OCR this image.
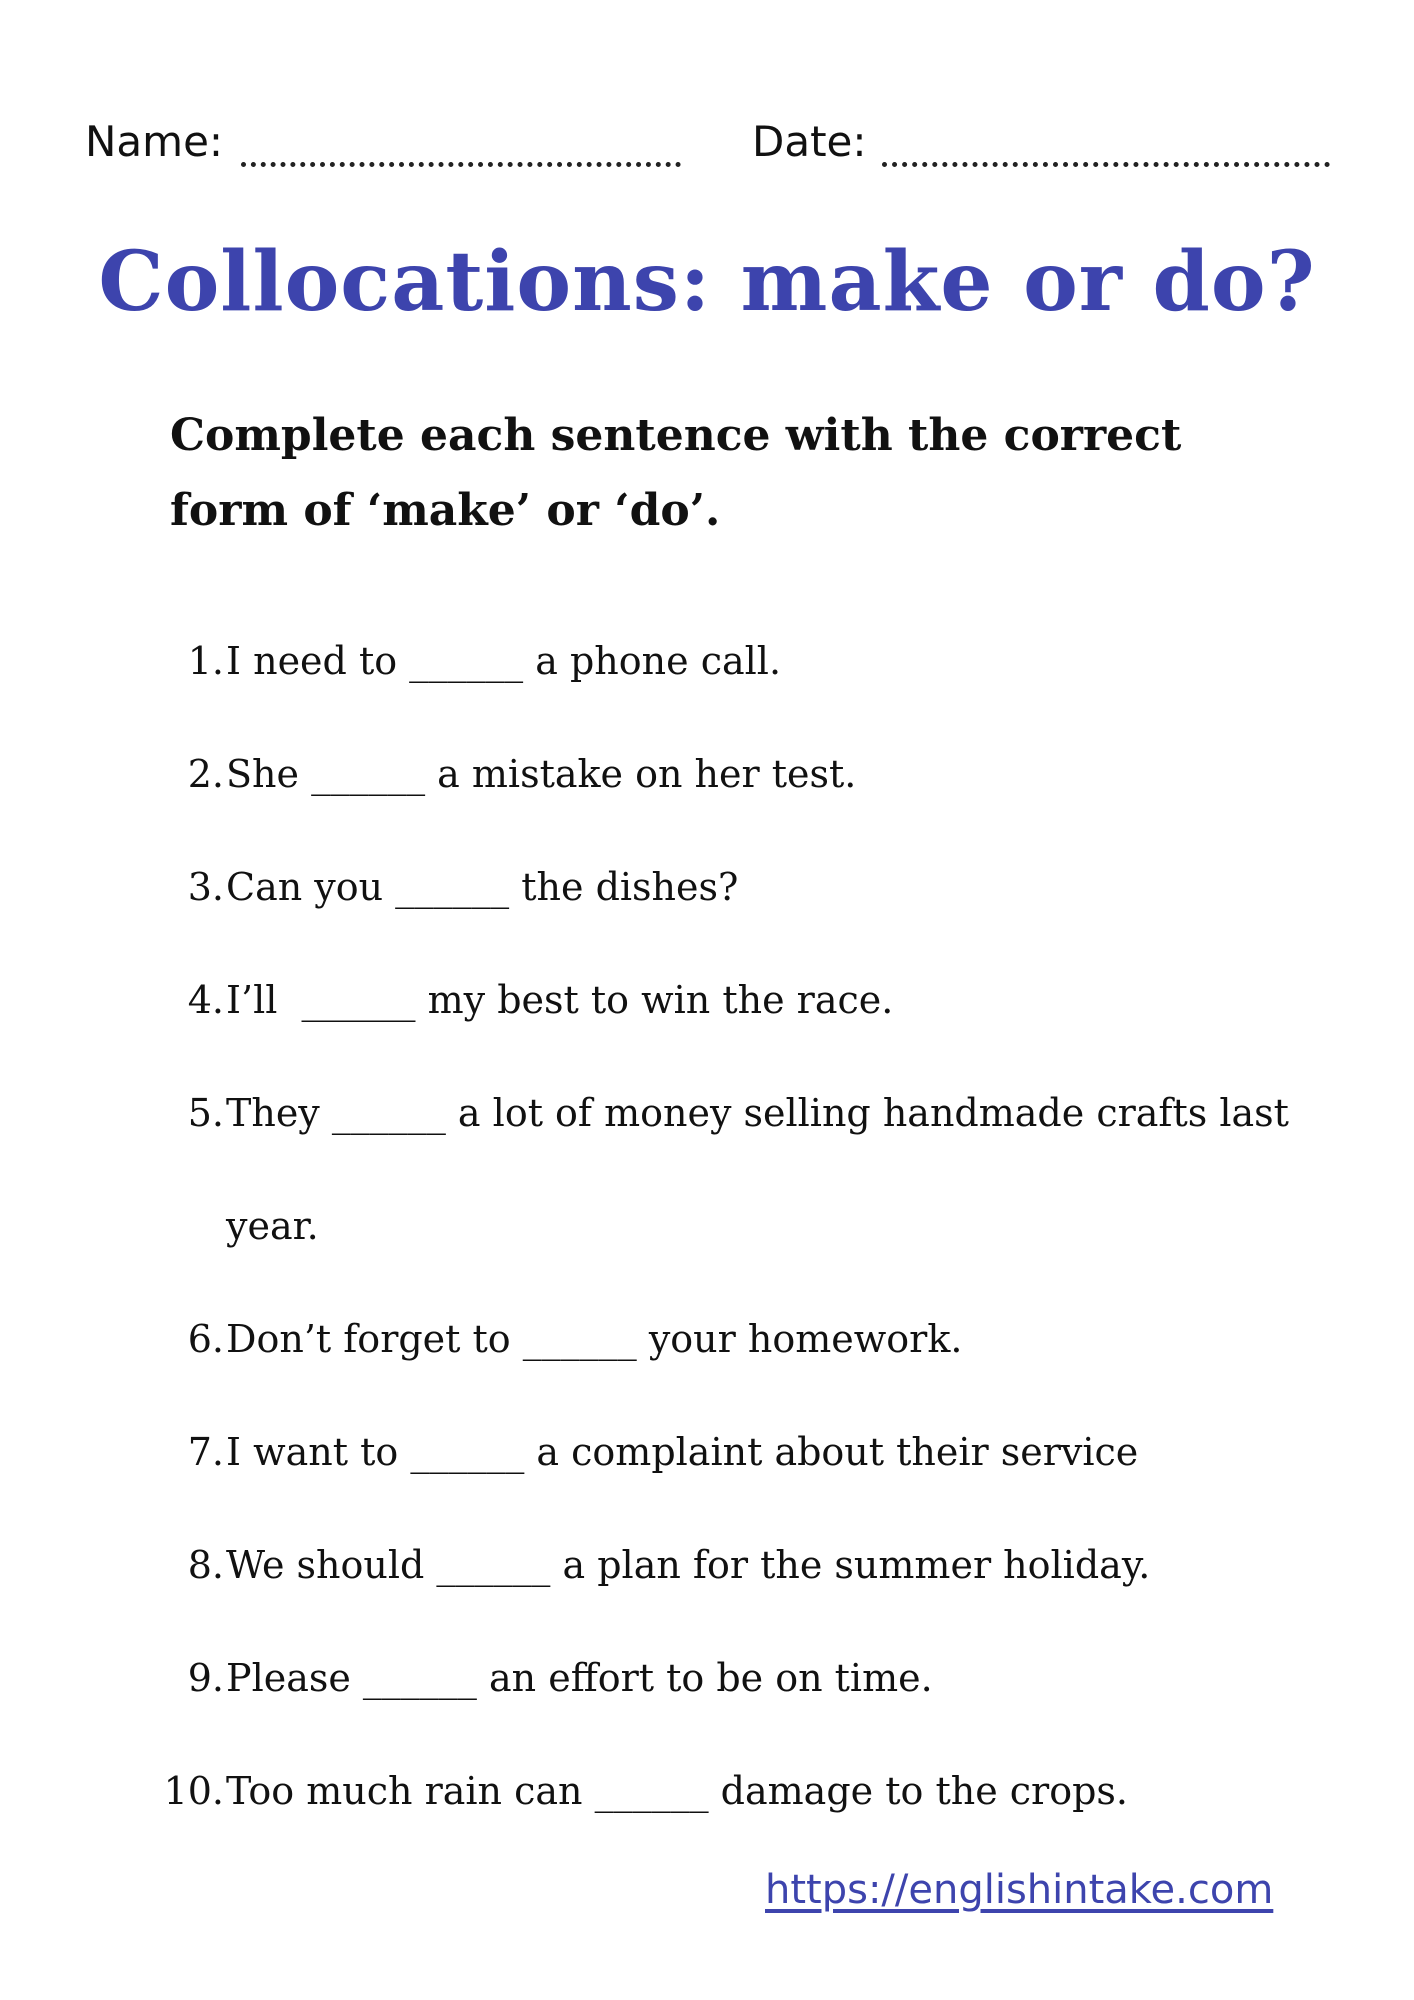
Name:	Date:
Collocations: make or do?

Complete each sentence with the correct form of ‘make’ or ‘do’.

1. I need to ______ a phone call.
2. She ______ a mistake on her test.
3. Can you ______ the dishes?
4. I’ll  ______ my best to win the race.
5. They ______ a lot of money selling handmade crafts last
year.
6. Don’t forget to ______ your homework.
7. I want to ______ a complaint about their service
8. We should ______ a plan for the summer holiday.
9. Please ______ an effort to be on time.
10. Too much rain can ______ damage to the crops.
https://englishintake.com
